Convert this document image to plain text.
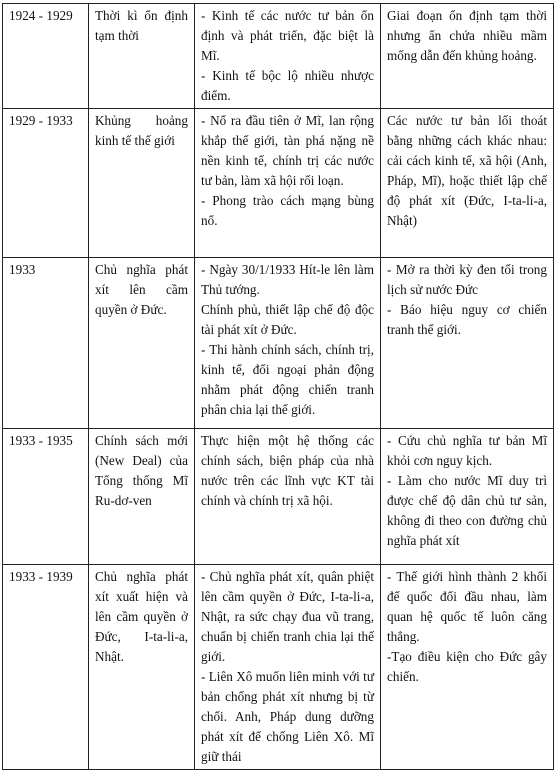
1924 - 1929	Thời kì ổn định tạm thời	- Kinh tế các nước tư bản ổn định và phát triển, đặc biệt là Mĩ.
- Kinh tế bộc lộ nhiều nhược điểm.	Giai đoạn ổn định tạm thời nhưng ẩn chứa nhiều mầm mống dẫn đến khủng hoảng.

1929 - 1933	Khủng hoảng kinh tế thế giới	- Nổ ra đầu tiên ở Mĩ, lan rộng khắp thế giới, tàn phá nặng nề nền kinh tế, chính trị các nước tư bản, làm xã hội rối loạn.
- Phong trào cách mạng bùng nổ.	Các nước tư bản lối thoát bằng những cách khác nhau: cải cách kinh tế, xã hội (Anh, Pháp, Mĩ), hoặc thiết lập chế độ phát xít (Đức, I-ta-li-a, Nhật)

1933	Chủ nghĩa phát xít lên cầm quyền ở Đức.	- Ngày 30/1/1933 Hít-le lên làm Thủ tướng.
Chính phủ, thiết lập chế độ độc tài phát xít ở Đức.
- Thi hành chính sách, chính trị, kinh tế, đối ngoại phản động nhằm phát động chiến tranh phân chia lại thế giới.	- Mở ra thời kỳ đen tối trong lịch sử nước Đức
- Báo hiệu nguy cơ chiến tranh thế giới.

1933 - 1935	Chính sách mới (New Deal) của Tổng thống Mĩ Ru-dơ-ven	Thực hiện một hệ thống các chính sách, biện pháp của nhà nước trên các lĩnh vực KT tài chính và chính trị xã hội.	- Cứu chủ nghĩa tư bản Mĩ khỏi cơn nguy kịch.
- Làm cho nước Mĩ duy trì được chế độ dân chủ tư sản, không đi theo con đường chủ nghĩa phát xít

1933 - 1939	Chủ nghĩa phát xít xuất hiện và lên cầm quyền ở Đức, I-ta-li-a, Nhật.	- Chủ nghĩa phát xít, quân phiệt lên cầm quyền ở Đức, I-ta-li-a, Nhật, ra sức chạy đua vũ trang, chuẩn bị chiến tranh chia lại thế giới.
- Liên Xô muốn liên minh với tư bản chống phát xít nhưng bị từ chối. Anh, Pháp dung dưỡng phát xít để chống Liên Xô. Mĩ giữ thái	- Thế giới hình thành 2 khối đế quốc đối đầu nhau, làm quan hệ quốc tế luôn căng thẳng.
-Tạo điều kiện cho Đức gây chiến.
